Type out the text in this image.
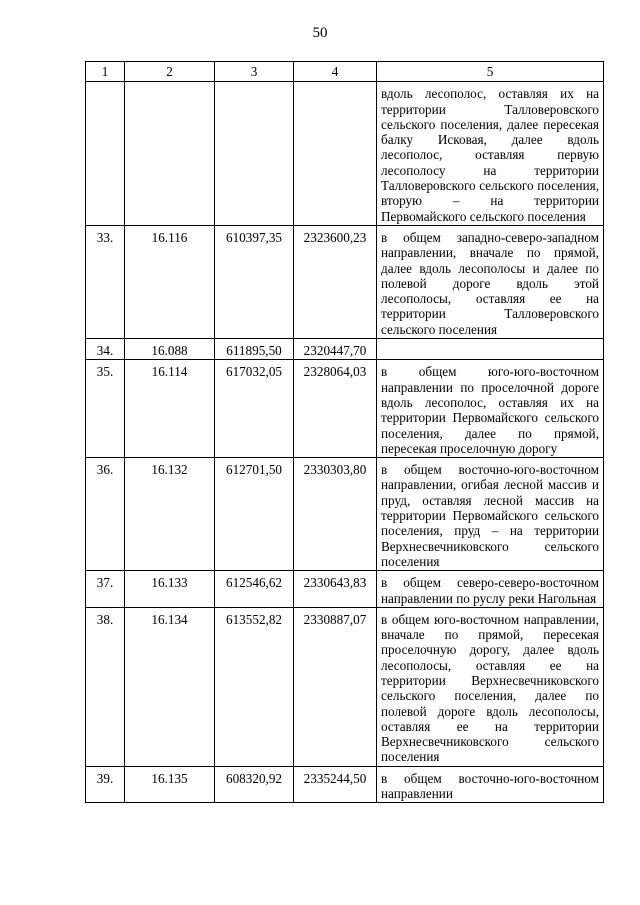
50
1	2	3	4	5
				вдоль лесополос, оставляя их на территории Талловеровского сельского поселения, далее пересекая балку Исковая, далее вдоль лесополос, оставляя первую лесополосу на территории Талловеровского сельского поселения, вторую – на территории Первомайского сельского поселения
33.	16.116	610397,35	2323600,23	в общем западно-северо-западном направлении, вначале по прямой, далее вдоль лесополосы и далее по полевой дороге вдоль этой лесополосы, оставляя ее на территории Талловеровского сельского поселения
34.	16.088	611895,50	2320447,70	
35.	16.114	617032,05	2328064,03	в общем юго-юго-восточном направлении по проселочной дороге вдоль лесополос, оставляя их на территории Первомайского сельского поселения, далее по прямой, пересекая проселочную дорогу
36.	16.132	612701,50	2330303,80	в общем восточно-юго-восточном направлении, огибая лесной массив и пруд, оставляя лесной массив на территории Первомайского сельского поселения, пруд – на территории Верхнесвечниковского сельского поселения
37.	16.133	612546,62	2330643,83	в общем северо-северо-восточном направлении по руслу реки Нагольная
38.	16.134	613552,82	2330887,07	в общем юго-восточном направлении, вначале по прямой, пересекая проселочную дорогу, далее вдоль лесополосы, оставляя ее на территории Верхнесвечниковского сельского поселения, далее по полевой дороге вдоль лесополосы, оставляя ее на территории Верхнесвечниковского сельского поселения
39.	16.135	608320,92	2335244,50	в общем восточно-юго-восточном направлении
